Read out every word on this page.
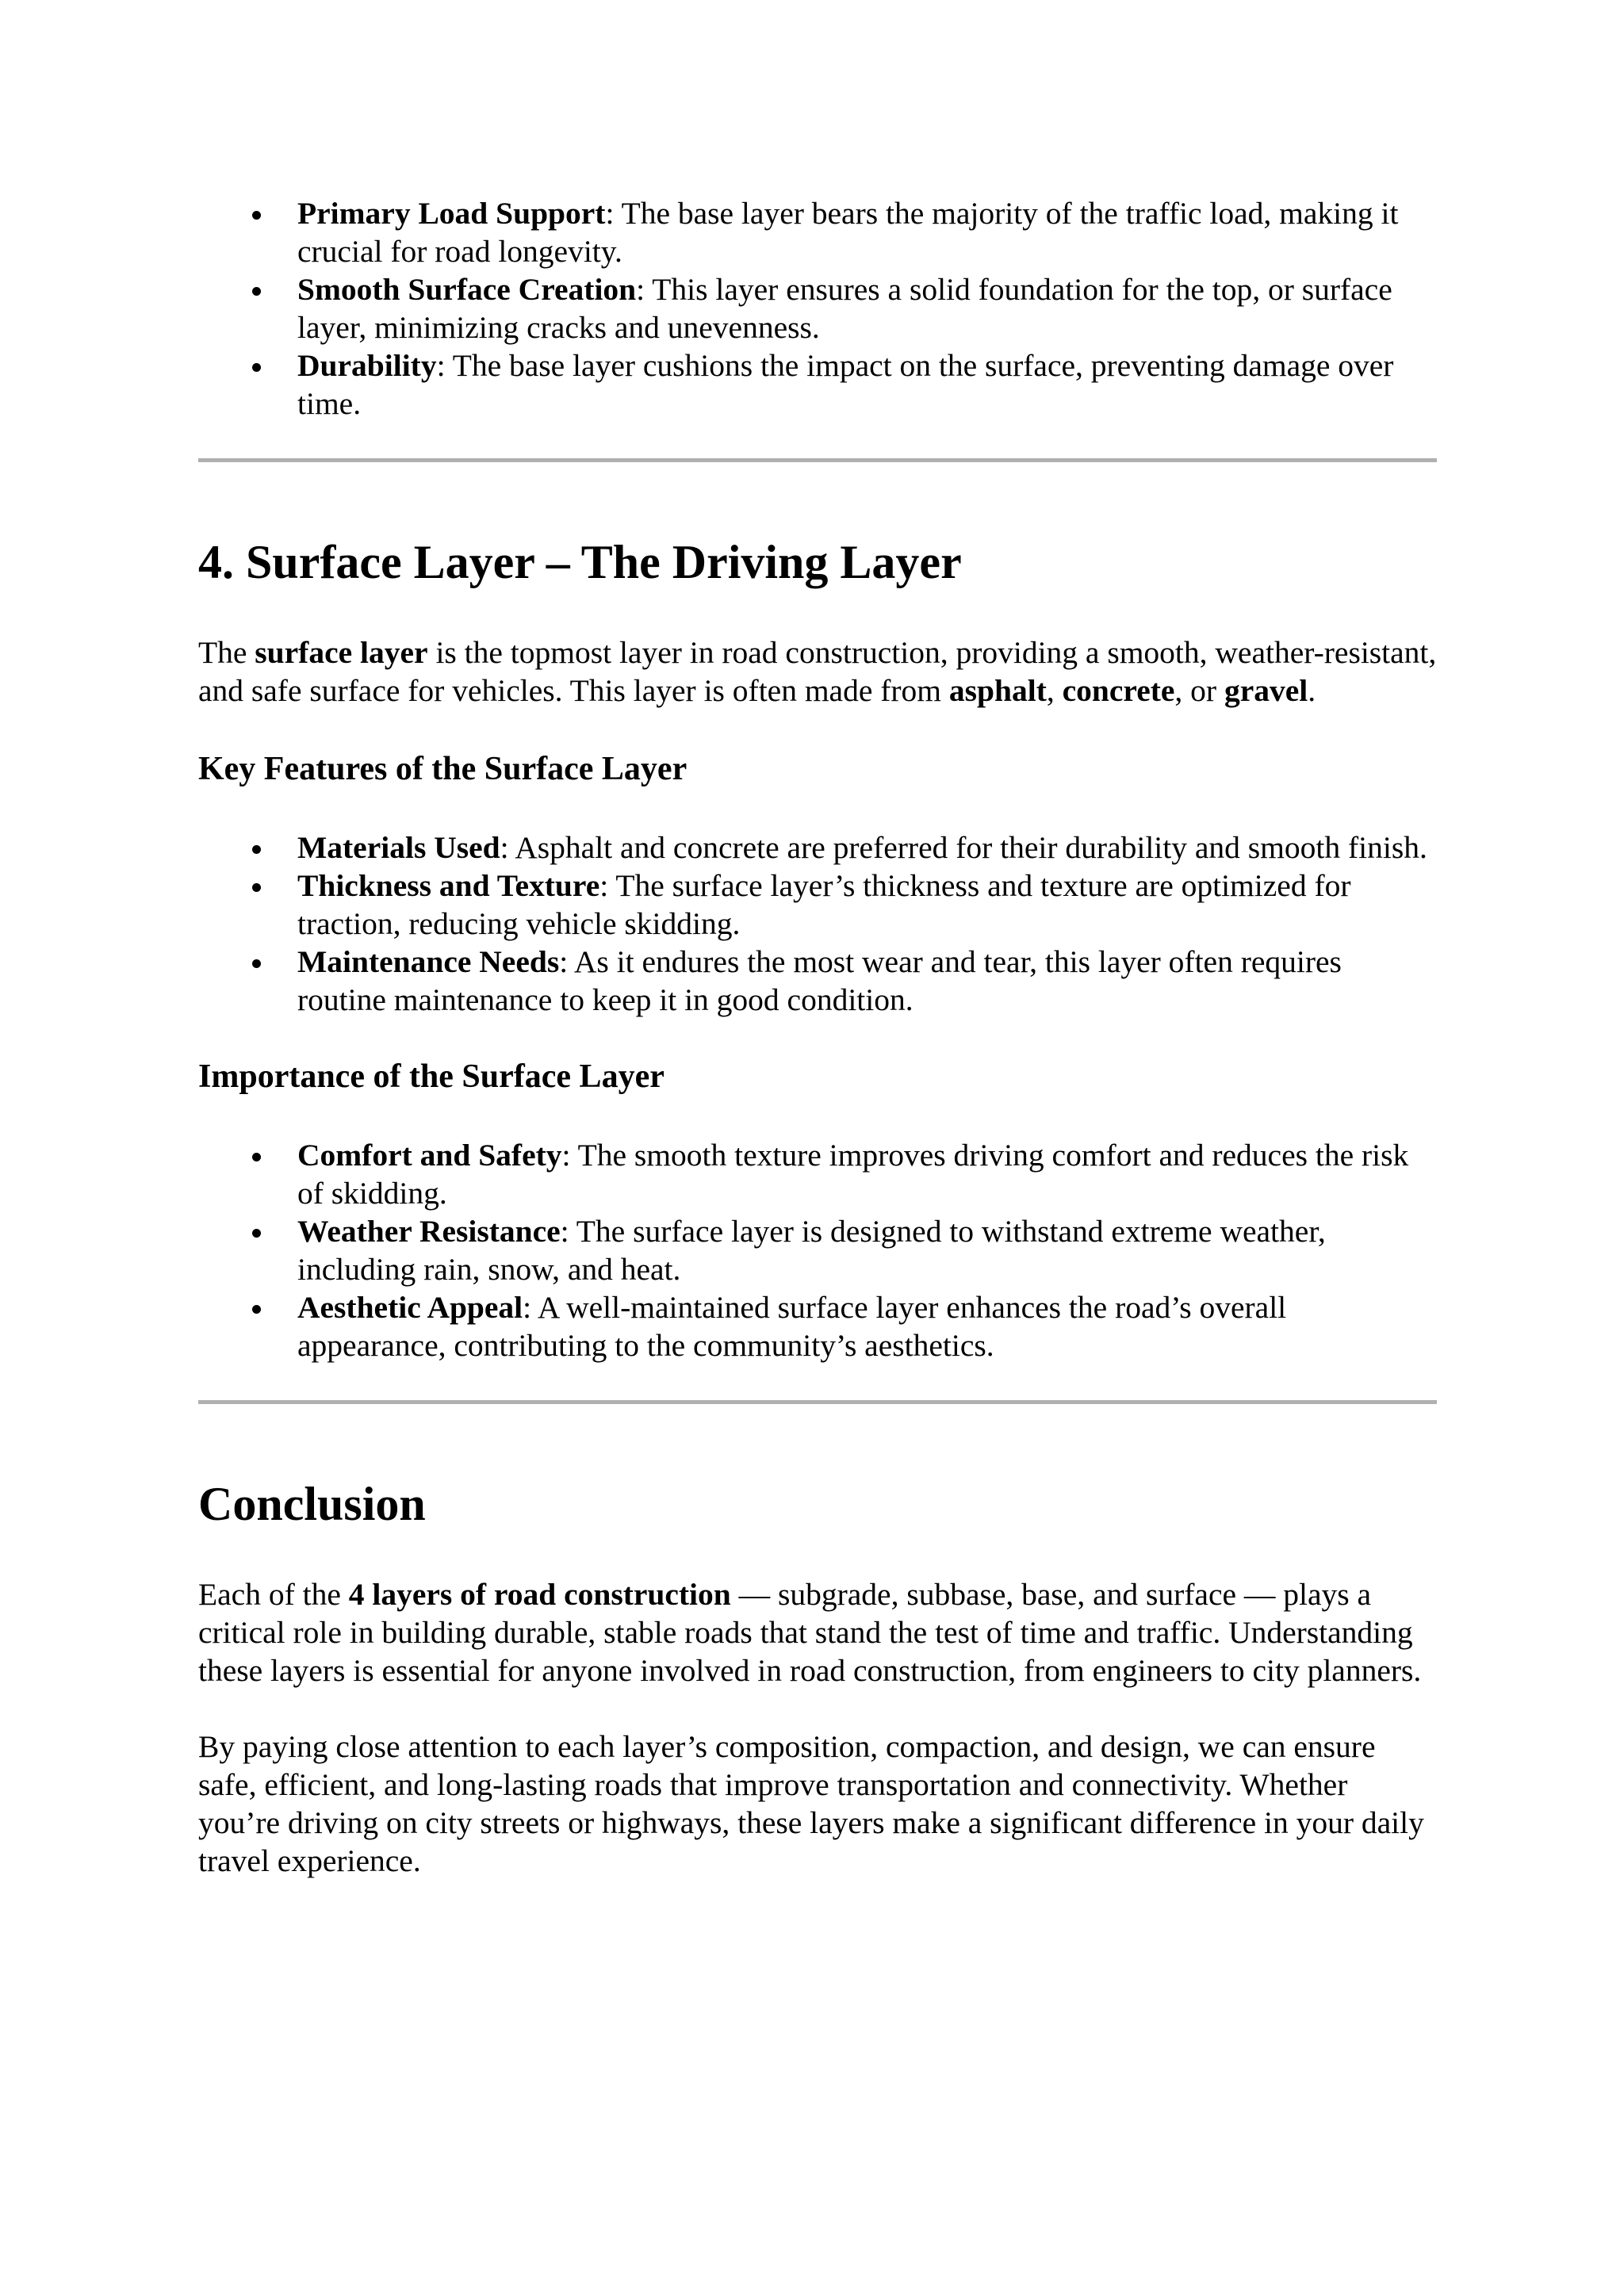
Primary Load Support: The base layer bears the majority of the traffic load, making it crucial for road longevity.
Smooth Surface Creation: This layer ensures a solid foundation for the top, or surface layer, minimizing cracks and unevenness.
Durability: The base layer cushions the impact on the surface, preventing damage over time.
4. Surface Layer – The Driving Layer

The surface layer is the topmost layer in road construction, providing a smooth, weather-resistant, and safe surface for vehicles. This layer is often made from asphalt, concrete, or gravel.

Key Features of the Surface Layer
Materials Used: Asphalt and concrete are preferred for their durability and smooth finish.
Thickness and Texture: The surface layer’s thickness and texture are optimized for traction, reducing vehicle skidding.
Maintenance Needs: As it endures the most wear and tear, this layer often requires routine maintenance to keep it in good condition.
Importance of the Surface Layer
Comfort and Safety: The smooth texture improves driving comfort and reduces the risk of skidding.
Weather Resistance: The surface layer is designed to withstand extreme weather, including rain, snow, and heat.
Aesthetic Appeal: A well-maintained surface layer enhances the road’s overall appearance, contributing to the community’s aesthetics.
Conclusion

Each of the 4 layers of road construction — subgrade, subbase, base, and surface — plays a critical role in building durable, stable roads that stand the test of time and traffic. Understanding these layers is essential for anyone involved in road construction, from engineers to city planners.

By paying close attention to each layer’s composition, compaction, and design, we can ensure safe, efficient, and long-lasting roads that improve transportation and connectivity. Whether you’re driving on city streets or highways, these layers make a significant difference in your daily travel experience.
